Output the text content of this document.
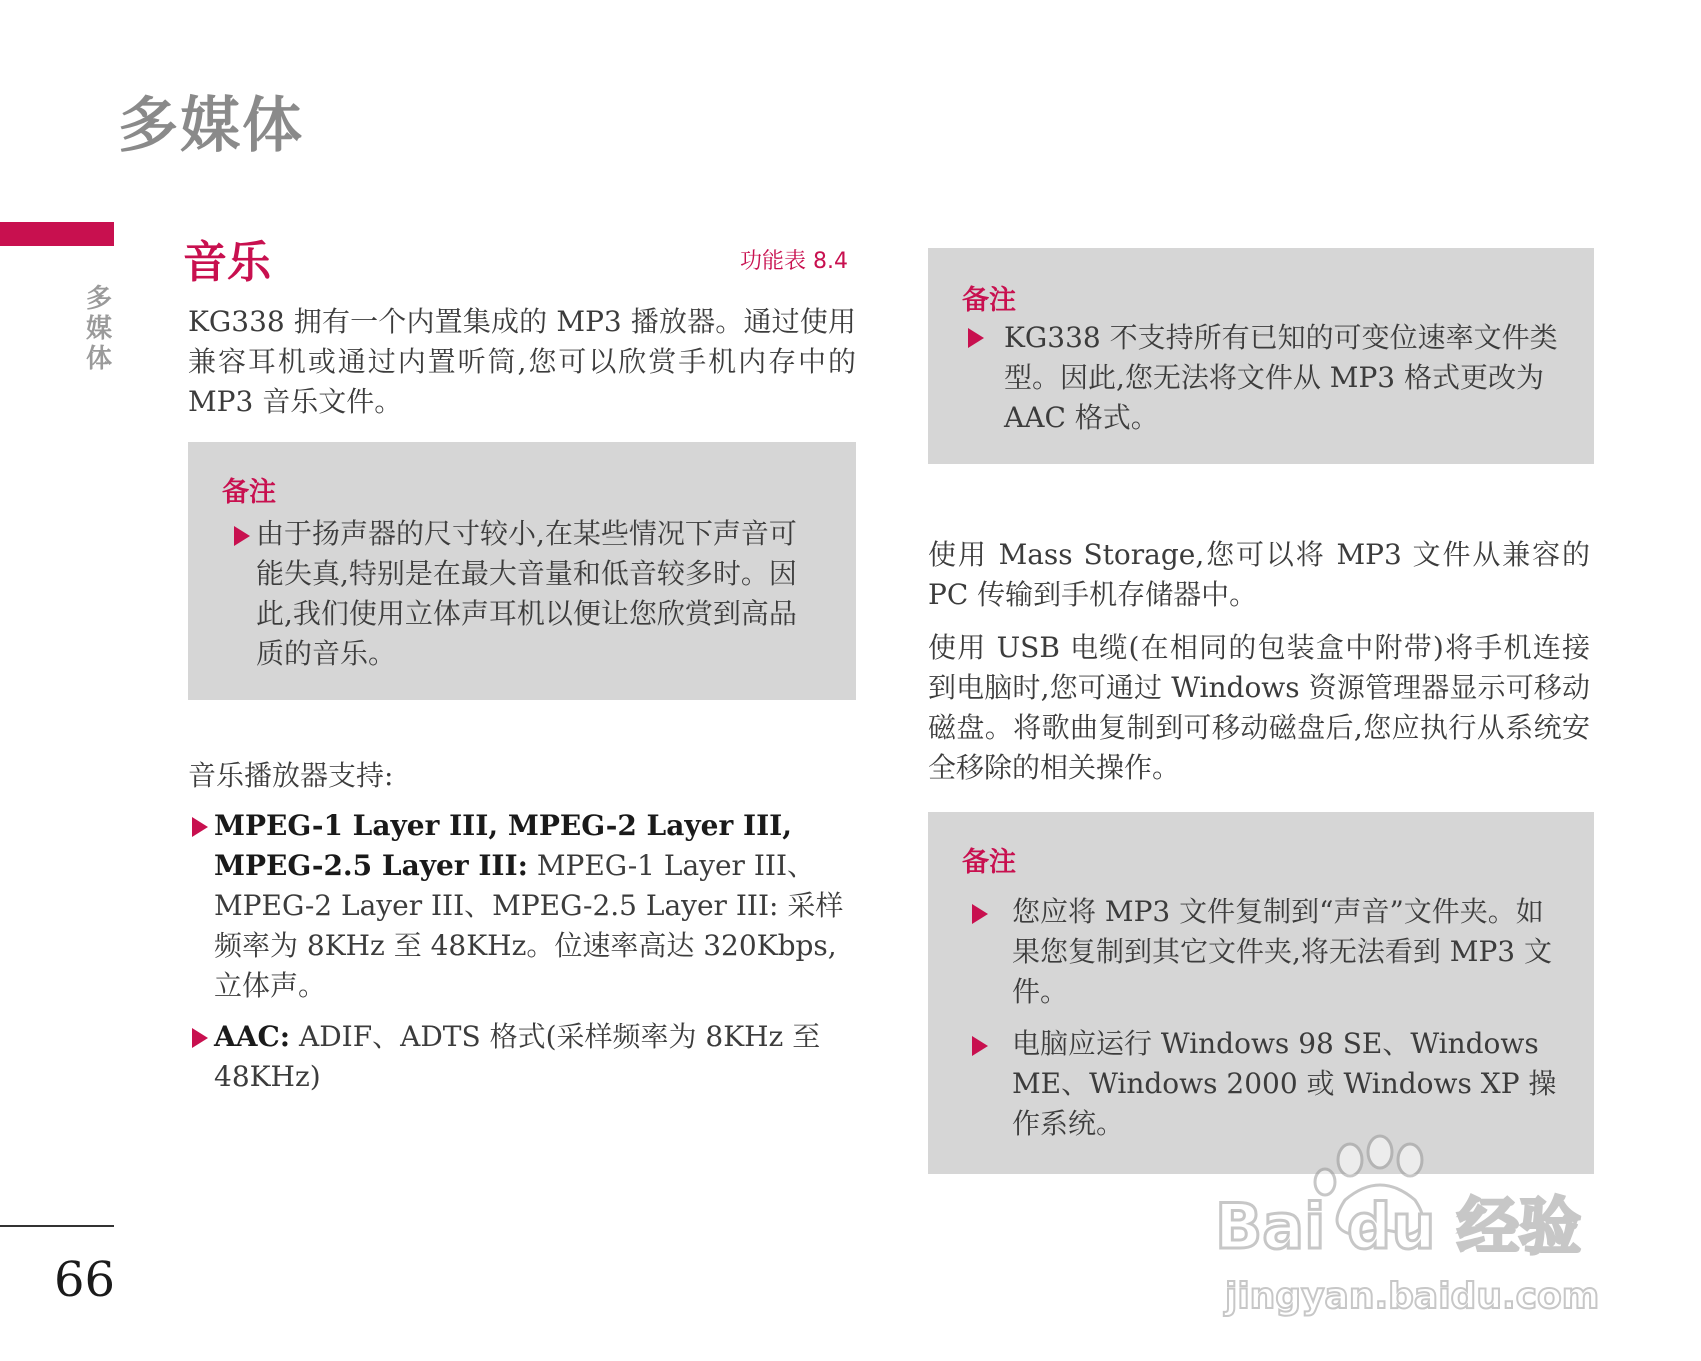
多媒体
多媒体
音乐	功能表 8.4
KG338 拥有一个内置集成的 MP3 播放器。通过使用兼容耳机或通过内置听筒,您可以欣赏手机内存中的 MP3 音乐文件。
备注
由于扬声器的尺寸较小,在某些情况下声音可能失真,特别是在最大音量和低音较多时。因此,我们使用立体声耳机以便让您欣赏到高品质的音乐。
音乐播放器支持:
MPEG-1 Layer III, MPEG-2 Layer III, MPEG-2.5 Layer III: MPEG-1 Layer III、MPEG-2 Layer III、MPEG-2.5 Layer III: 采样频率为 8KHz 至 48KHz。位速率高达 320Kbps,立体声。
AAC: ADIF、ADTS 格式(采样频率为 8KHz 至 48KHz)
备注
KG338 不支持所有已知的可变位速率文件类型。因此,您无法将文件从 MP3 格式更改为 AAC 格式。
使用 Mass Storage,您可以将 MP3 文件从兼容的 PC 传输到手机存储器中。
使用 USB 电缆(在相同的包装盒中附带)将手机连接到电脑时,您可通过 Windows 资源管理器显示可移动磁盘。将歌曲复制到可移动磁盘后,您应执行从系统安全移除的相关操作。
备注
您应将 MP3 文件复制到“声音”文件夹。如果您复制到其它文件夹,将无法看到 MP3 文件。
电脑应运行 Windows 98 SE、Windows ME、Windows 2000 或 Windows XP 操作系统。
66
Bai du 经验
jingyan.baidu.com
